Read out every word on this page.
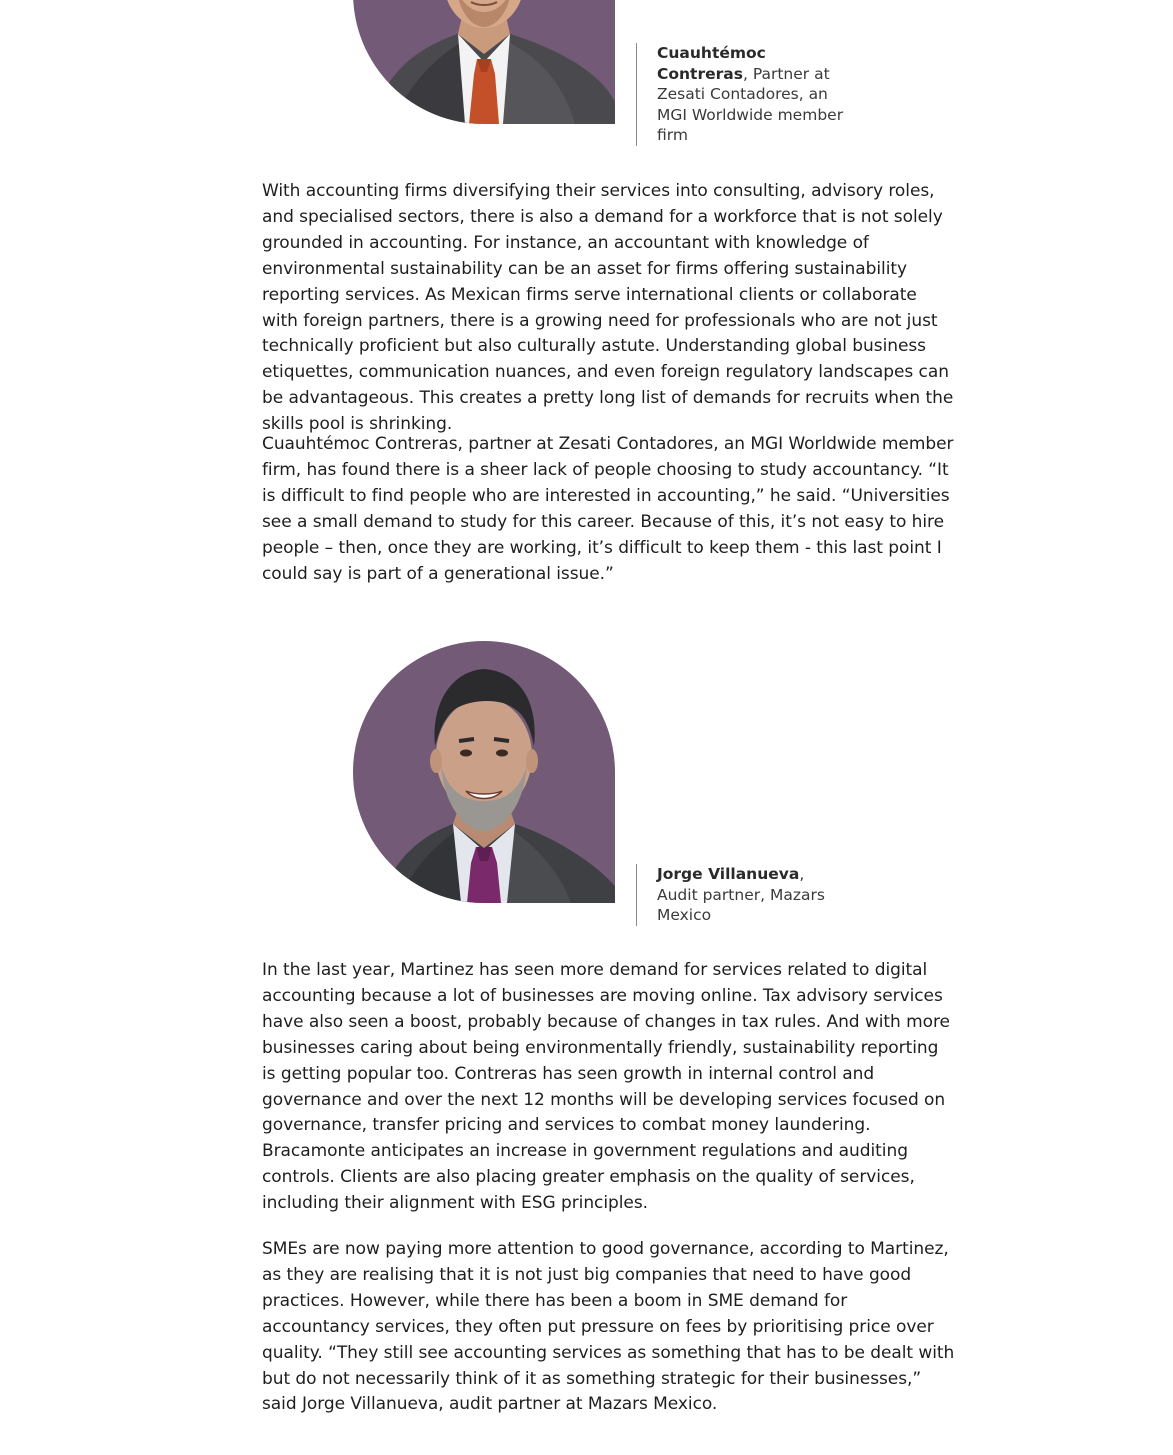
Cuauhtémoc Contreras, Partner at Zesati Contadores, an MGI Worldwide member firm

With accounting firms diversifying their services into consulting, advisory roles, and specialised sectors, there is also a demand for a workforce that is not solely grounded in accounting. For instance, an accountant with knowledge of environmental sustainability can be an asset for firms offering sustainability reporting services. As Mexican firms serve international clients or collaborate with foreign partners, there is a growing need for professionals who are not just technically proficient but also culturally astute. Understanding global business etiquettes, communication nuances, and even foreign regulatory landscapes can be advantageous. This creates a pretty long list of demands for recruits when the skills pool is shrinking.

Cuauhtémoc Contreras, partner at Zesati Contadores, an MGI Worldwide member firm, has found there is a sheer lack of people choosing to study accountancy. “It is difficult to find people who are interested in accounting,” he said. “Universities see a small demand to study for this career. Because of this, it’s not easy to hire people – then, once they are working, it’s difficult to keep them - this last point I could say is part of a generational issue.”

Jorge Villanueva, Audit partner, Mazars Mexico

In the last year, Martinez has seen more demand for services related to digital accounting because a lot of businesses are moving online. Tax advisory services have also seen a boost, probably because of changes in tax rules. And with more businesses caring about being environmentally friendly, sustainability reporting is getting popular too. Contreras has seen growth in internal control and governance and over the next 12 months will be developing services focused on governance, transfer pricing and services to combat money laundering. Bracamonte anticipates an increase in government regulations and auditing controls. Clients are also placing greater emphasis on the quality of services, including their alignment with ESG principles.

SMEs are now paying more attention to good governance, according to Martinez, as they are realising that it is not just big companies that need to have good practices. However, while there has been a boom in SME demand for accountancy services, they often put pressure on fees by prioritising price over quality. “They still see accounting services as something that has to be dealt with but do not necessarily think of it as something strategic for their businesses,” said Jorge Villanueva, audit partner at Mazars Mexico.
